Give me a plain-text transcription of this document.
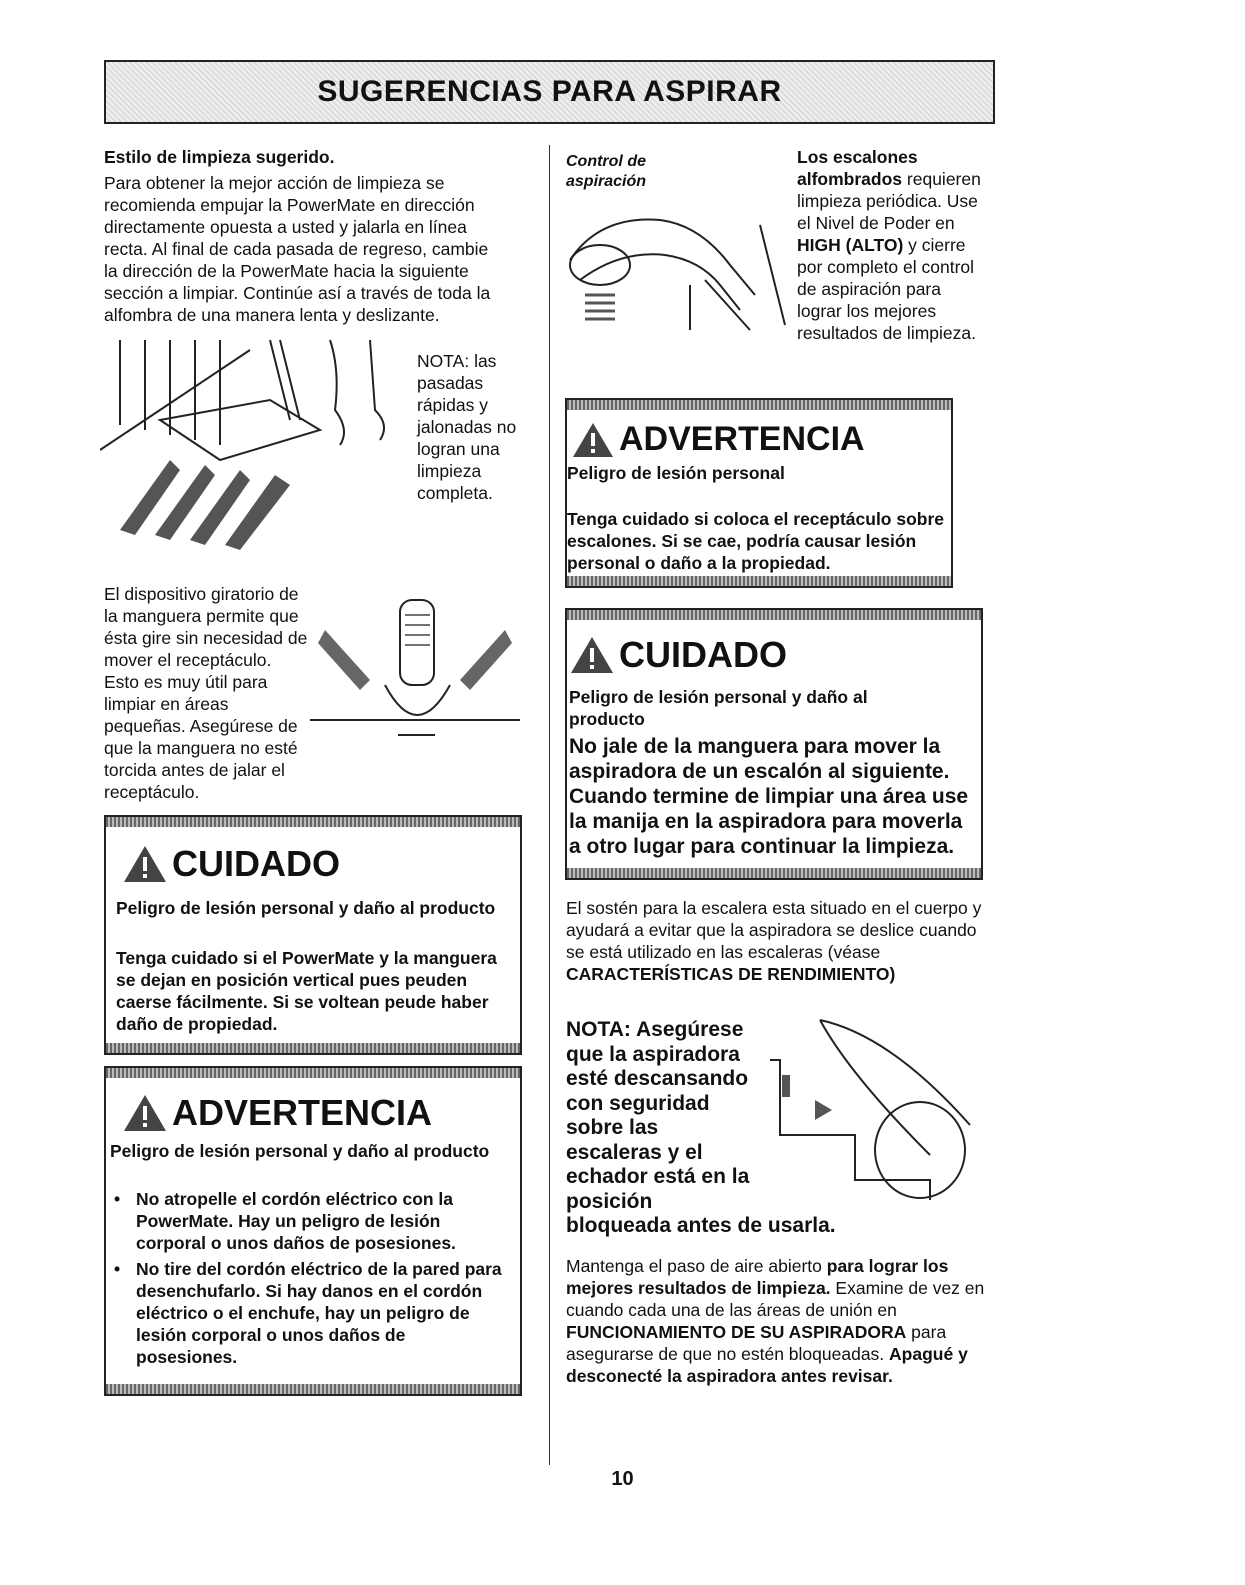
SUGERENCIAS PARA ASPIRAR
Estilo de limpieza sugerido.
Para obtener la mejor acción de limpieza se recomienda empujar la PowerMate en dirección directamente opuesta a usted y jalarla en línea recta. Al final de cada pasada de regreso, cambie la dirección de la PowerMate hacia la siguiente sección a limpiar. Continúe así a través de toda la alfombra de una manera lenta y deslizante.
NOTA: las pasadas rápidas y jalonadas no logran una limpieza completa.
El dispositivo giratorio de la manguera permite que ésta gire sin necesidad de mover el receptáculo. Esto es muy útil para limpiar en áreas pequeñas. Asegúrese de que la manguera no esté torcida antes de jalar el receptáculo.
CUIDADO
Peligro de lesión personal y daño al producto
Tenga cuidado si el PowerMate y la manguera se dejan en posición vertical pues peuden caerse fácilmente. Si se voltean peude haber daño de propiedad.
ADVERTENCIA
Peligro de lesión personal y daño al producto
• No atropelle el cordón eléctrico con la PowerMate. Hay un peligro de lesión corporal o unos daños de posesiones.
• No tire del cordón eléctrico de la pared para desenchufarlo. Si hay danos en el cordón eléctrico o el enchufe, hay un peligro de lesión corporal o unos daños de posesiones.
Control de aspiración
Los escalones alfombrados requieren limpieza periódica. Use el Nivel de Poder en HIGH (ALTO) y cierre por completo el control de aspiración para lograr los mejores resultados de limpieza.
ADVERTENCIA
Peligro de lesión personal
Tenga cuidado si coloca el receptáculo sobre escalones. Si se cae, podría causar lesión personal o daño a la propiedad.
CUIDADO
Peligro de lesión personal y daño al producto
No jale de la manguera para mover la aspiradora de un escalón al siguiente. Cuando termine de limpiar una área use la manija en la aspiradora para moverla a otro lugar para continuar la limpieza.
El sostén para la escalera esta situado en el cuerpo y ayudará a evitar que la aspiradora se deslice cuando se está utilizado en las escaleras (véase CARACTERÍSTICAS DE RENDIMIENTO)
NOTA: Asegúrese
que la aspiradora
esté descansando
con seguridad
sobre las
escaleras y el
echador está en la
posición
bloqueada antes de usarla.
Mantenga el paso de aire abierto para lograr los mejores resultados de limpieza. Examine de vez en cuando cada una de las áreas de unión en FUNCIONAMIENTO DE SU ASPIRADORA para asegurarse de que no estén bloqueadas. Apagué y desconecté la aspiradora antes revisar.
10
